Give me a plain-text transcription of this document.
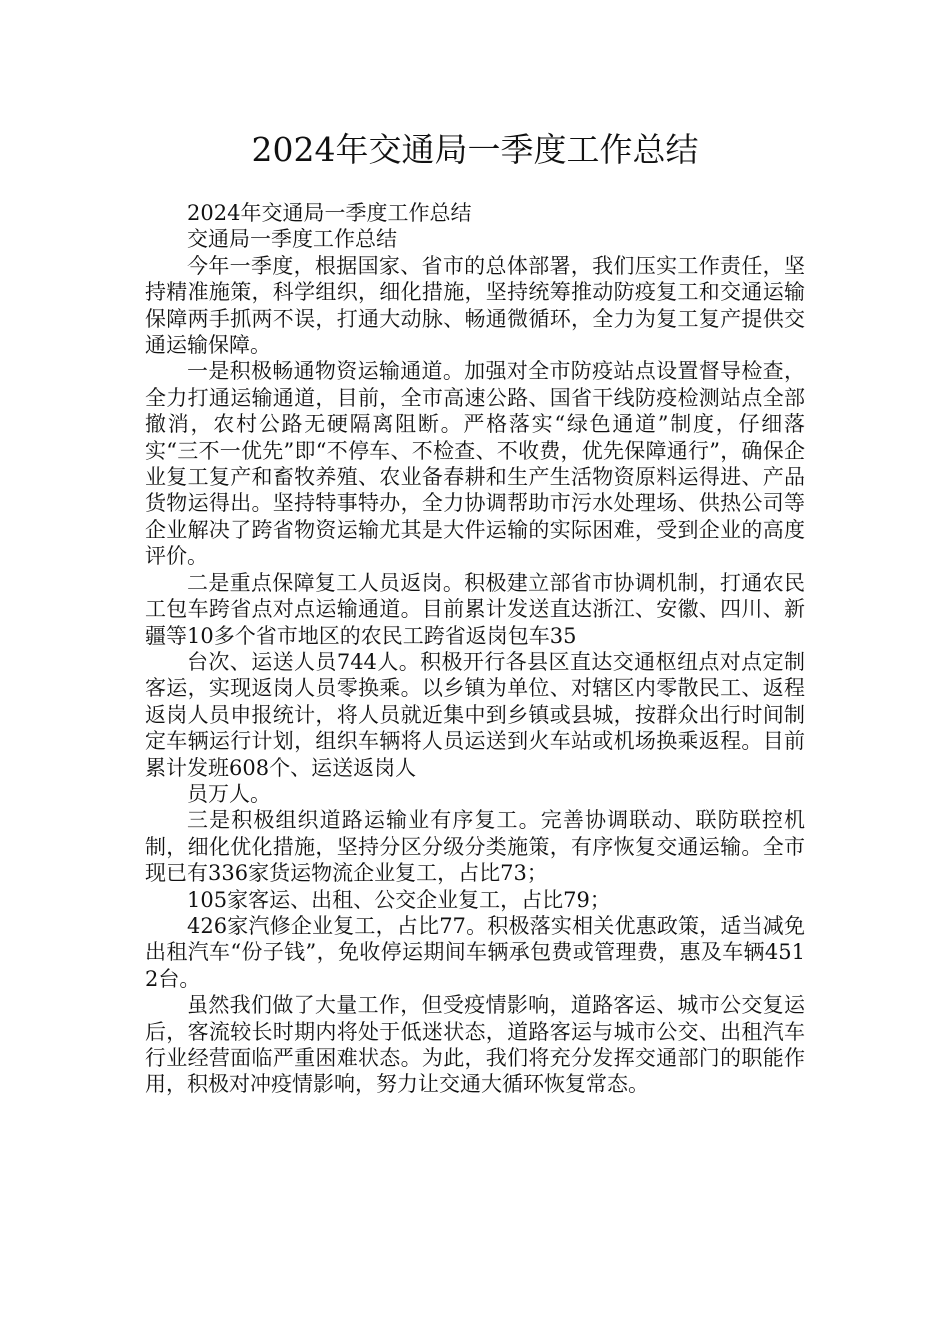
2024年交通局一季度工作总结

2024年交通局一季度工作总结

交通局一季度工作总结

今年一季度，根据国家、省市的总体部署，我们压实工作责任，坚持精准施策，科学组织，细化措施，坚持统筹推动防疫复工和交通运输保障两手抓两不误，打通大动脉、畅通微循环，全力为复工复产提供交通运输保障。

一是积极畅通物资运输通道。加强对全市防疫站点设置督导检查，全力打通运输通道，目前，全市高速公路、国省干线防疫检测站点全部撤消，农村公路无硬隔离阻断。严格落实“绿色通道”制度，仔细落实“三不一优先”即“不停车、不检查、不收费，优先保障通行”，确保企业复工复产和畜牧养殖、农业备春耕和生产生活物资原料运得进、产品货物运得出。坚持特事特办，全力协调帮助市污水处理场、供热公司等企业解决了跨省物资运输尤其是大件运输的实际困难，受到企业的高度评价。

二是重点保障复工人员返岗。积极建立部省市协调机制，打通农民工包车跨省点对点运输通道。目前累计发送直达浙江、安徽、四川、新疆等10多个省市地区的农民工跨省返岗包车35

台次、运送人员744人。积极开行各县区直达交通枢纽点对点定制客运，实现返岗人员零换乘。以乡镇为单位、对辖区内零散民工、返程返岗人员申报统计，将人员就近集中到乡镇或县城，按群众出行时间制定车辆运行计划，组织车辆将人员运送到火车站或机场换乘返程。目前累计发班608个、运送返岗人

员万人。

三是积极组织道路运输业有序复工。完善协调联动、联防联控机制，细化优化措施，坚持分区分级分类施策，有序恢复交通运输。全市现已有336家货运物流企业复工，占比73；

105家客运、出租、公交企业复工，占比79；

426家汽修企业复工，占比77。积极落实相关优惠政策，适当减免出租汽车“份子钱”，免收停运期间车辆承包费或管理费，惠及车辆4512台。

虽然我们做了大量工作，但受疫情影响，道路客运、城市公交复运后，客流较长时期内将处于低迷状态，道路客运与城市公交、出租汽车行业经营面临严重困难状态。为此，我们将充分发挥交通部门的职能作用，积极对冲疫情影响，努力让交通大循环恢复常态。
